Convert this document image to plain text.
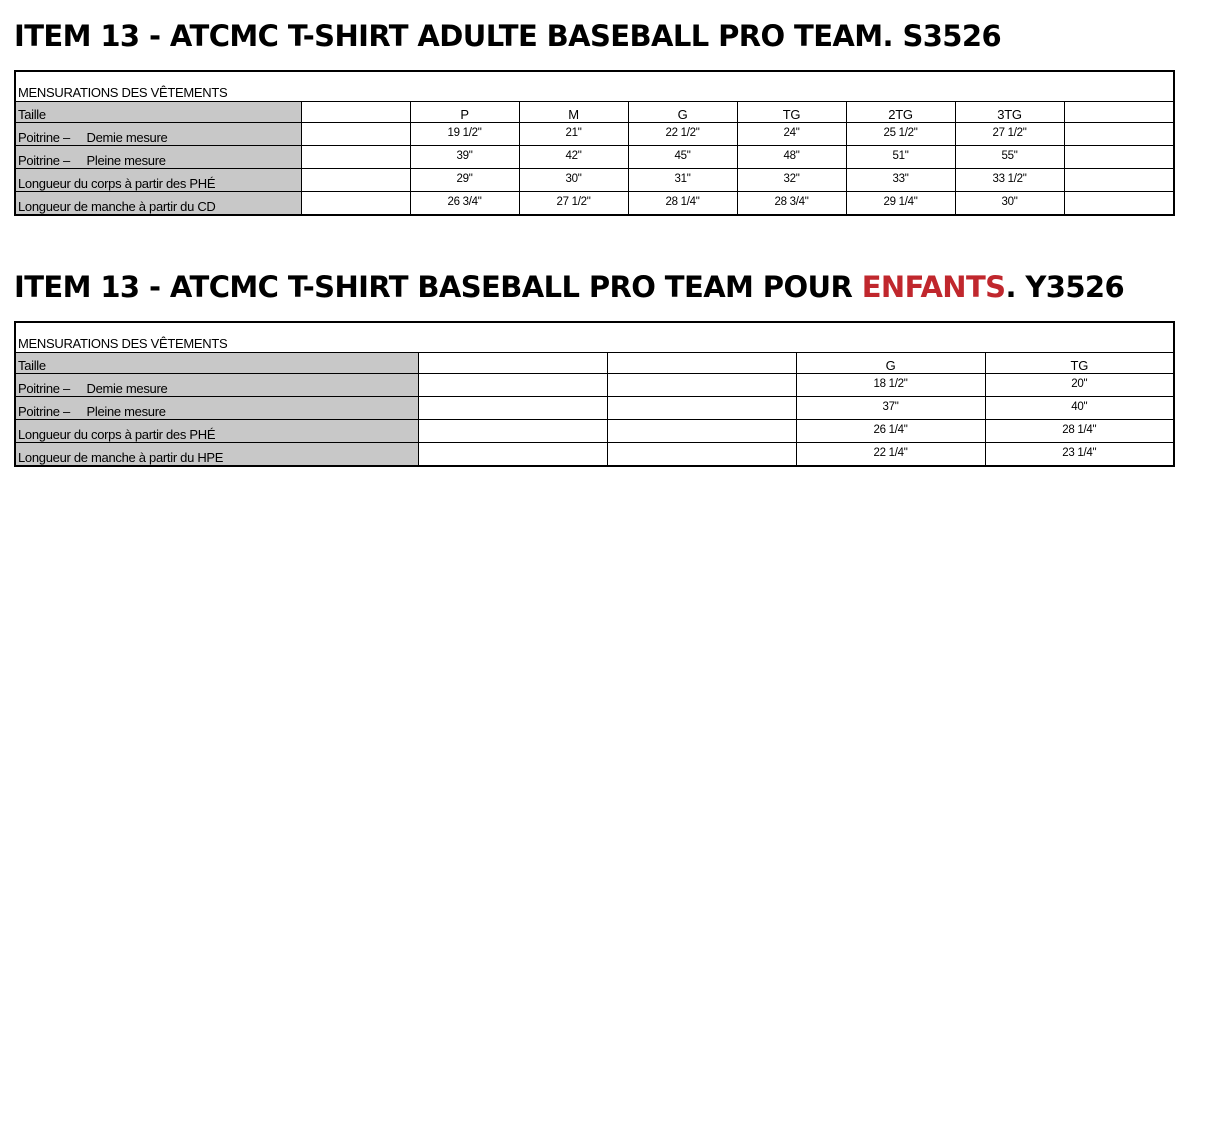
ITEM 13 - ATCMC T-SHIRT ADULTE BASEBALL PRO TEAM. S3526
MENSURATIONS DES VÊTEMENTS								
Taille		P	M	G	TG	2TG	3TG	
Poitrine –     Demie mesure		19 1/2"	21"	22 1/2"	24"	25 1/2"	27 1/2"	
Poitrine –     Pleine mesure		39"	42"	45"	48"	51"	55"	
Longueur du corps à partir des PHÉ		29"	30"	31"	32"	33"	33 1/2"	
Longueur de manche à partir du CD		26 3/4"	27 1/2"	28 1/4"	28 3/4"	29 1/4"	30"	
ITEM 13 - ATCMC T-SHIRT BASEBALL PRO TEAM POUR ENFANTS. Y3526
MENSURATIONS DES VÊTEMENTS				
Taille			G	TG
Poitrine –     Demie mesure			18 1/2"	20"
Poitrine –     Pleine mesure			37"	40"
Longueur du corps à partir des PHÉ			26 1/4"	28 1/4"
Longueur de manche à partir du HPE			22 1/4"	23 1/4"
